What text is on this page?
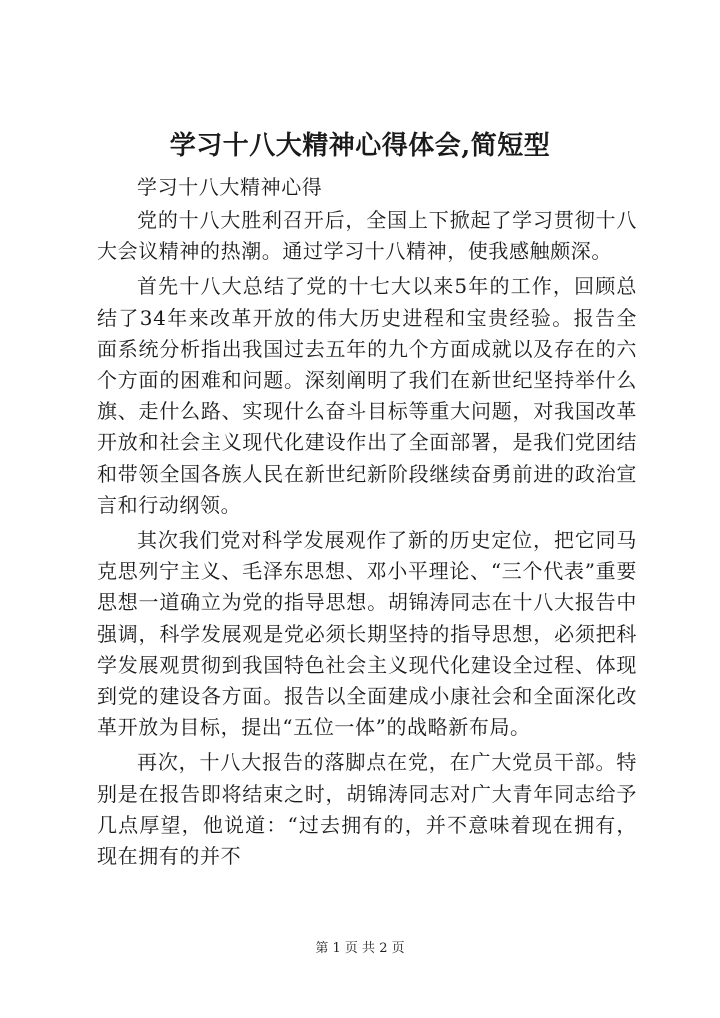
学习十八大精神心得体会,简短型

学习十八大精神心得

党的十八大胜利召开后，全国上下掀起了学习贯彻十八大会议精神的热潮。通过学习十八精神，使我感触颇深。

首先十八大总结了党的十七大以来5年的工作，回顾总结了34年来改革开放的伟大历史进程和宝贵经验。报告全面系统分析指出我国过去五年的九个方面成就以及存在的六个方面的困难和问题。深刻阐明了我们在新世纪坚持举什么旗、走什么路、实现什么奋斗目标等重大问题，对我国改革开放和社会主义现代化建设作出了全面部署，是我们党团结和带领全国各族人民在新世纪新阶段继续奋勇前进的政治宣言和行动纲领。

其次我们党对科学发展观作了新的历史定位，把它同马克思列宁主义、毛泽东思想、邓小平理论、“三个代表”重要思想一道确立为党的指导思想。胡锦涛同志在十八大报告中强调，科学发展观是党必须长期坚持的指导思想，必须把科学发展观贯彻到我国特色社会主义现代化建设全过程、体现到党的建设各方面。报告以全面建成小康社会和全面深化改革开放为目标，提出“五位一体”的战略新布局。

再次，十八大报告的落脚点在党，在广大党员干部。特别是在报告即将结束之时，胡锦涛同志对广大青年同志给予几点厚望，他说道：“过去拥有的，并不意味着现在拥有，现在拥有的并不

第 1 页 共 2 页
